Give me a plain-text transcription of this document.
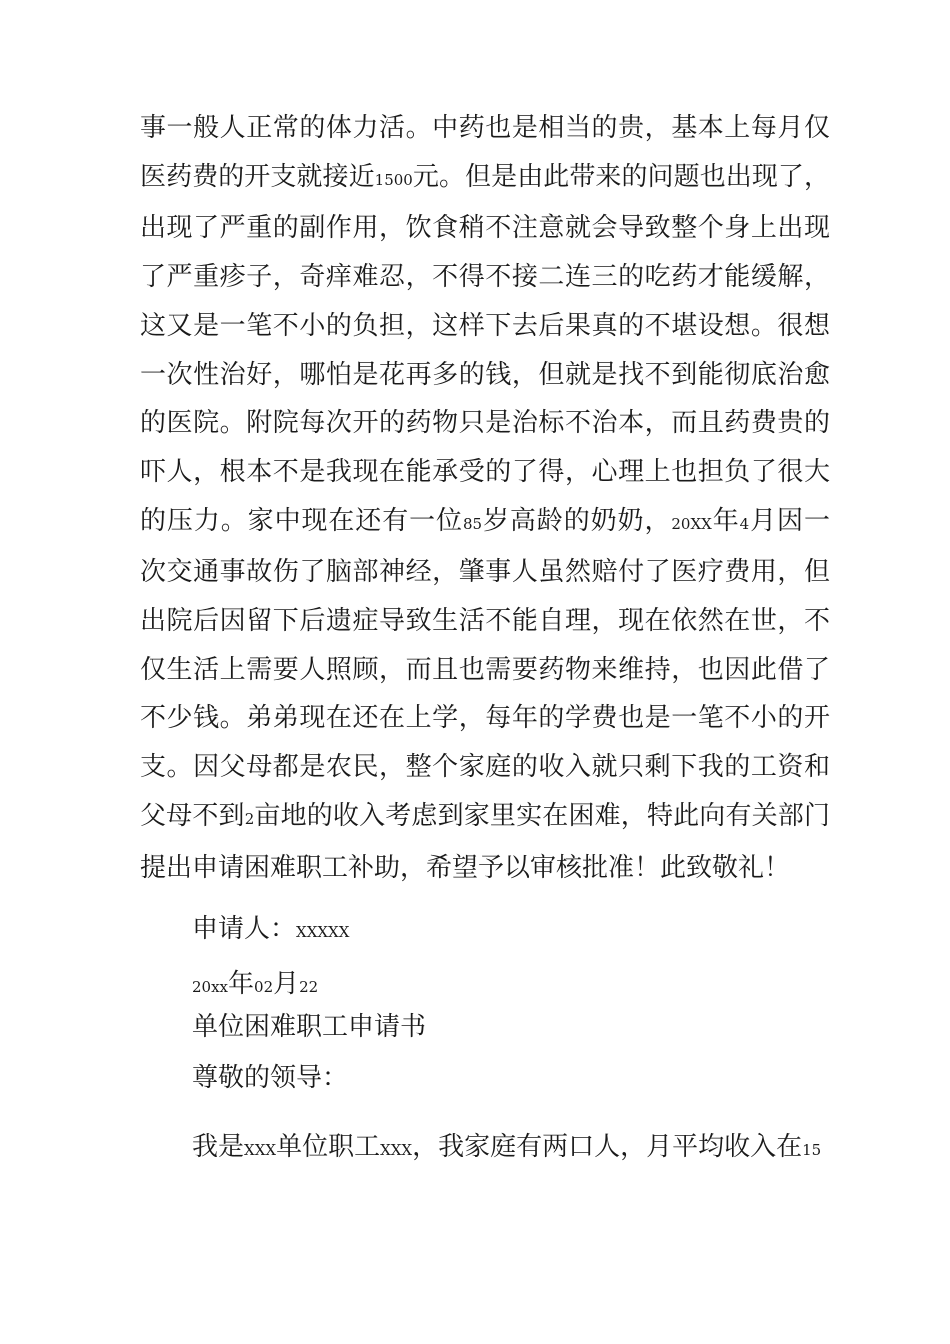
事一般人正常的体力活。中药也是相当的贵，基本上每月仅医药费的开支就接近1500元。但是由此带来的问题也出现了，出现了严重的副作用，饮食稍不注意就会导致整个身上出现了严重疹子，奇痒难忍，不得不接二连三的吃药才能缓解，这又是一笔不小的负担，这样下去后果真的不堪设想。很想一次性治好，哪怕是花再多的钱，但就是找不到能彻底治愈的医院。附院每次开的药物只是治标不治本，而且药费贵的吓人，根本不是我现在能承受的了得，心理上也担负了很大的压力。家中现在还有一位85岁高龄的奶奶，20XX年4月因一次交通事故伤了脑部神经，肇事人虽然赔付了医疗费用，但出院后因留下后遗症导致生活不能自理，现在依然在世，不仅生活上需要人照顾，而且也需要药物来维持，也因此借了不少钱。弟弟现在还在上学，每年的学费也是一笔不小的开支。因父母都是农民，整个家庭的收入就只剩下我的工资和父母不到2亩地的收入考虑到家里实在困难，特此向有关部门提出申请困难职工补助，希望予以审核批准！此致敬礼！

申请人：XXXXX

20xx年02月22

单位困难职工申请书

尊敬的领导：

我是XXX单位职工XXX，我家庭有两口人，月平均收入在15
